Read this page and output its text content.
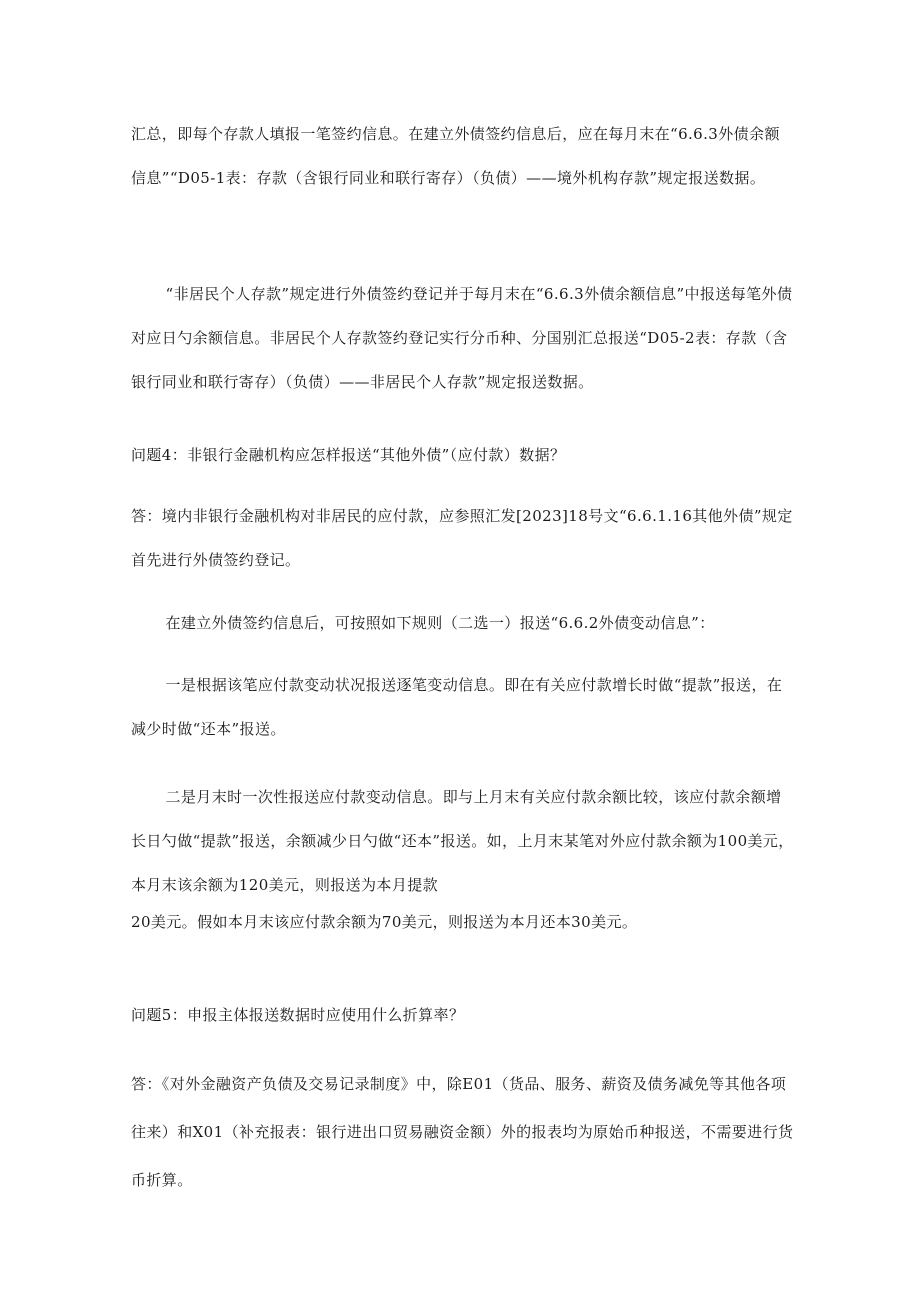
汇总，即每个存款人填报一笔签约信息。在建立外债签约信息后，应在每月末在“6.6.3外债余额信息”“D05-1表：存款（含银行同业和联行寄存）（负债）——境外机构存款”规定报送数据。

“非居民个人存款”规定进行外债签约登记并于每月末在“6.6.3外债余额信息”中报送每笔外债对应日勺余额信息。非居民个人存款签约登记实行分币种、分国别汇总报送“D05-2表：存款（含银行同业和联行寄存）（负债）——非居民个人存款”规定报送数据。

问题4：非银行金融机构应怎样报送“其他外债”（应付款）数据？

答：境内非银行金融机构对非居民的应付款，应参照汇发[2023]18号文“6.6.1.16其他外债”规定首先进行外债签约登记。

在建立外债签约信息后，可按照如下规则（二选一）报送“6.6.2外债变动信息”：

一是根据该笔应付款变动状况报送逐笔变动信息。即在有关应付款增长时做“提款”报送，在减少时做“还本”报送。

二是月末时一次性报送应付款变动信息。即与上月末有关应付款余额比较，该应付款余额增长日勺做“提款”报送，余额减少日勺做“还本”报送。如，上月末某笔对外应付款余额为100美元，本月末该余额为120美元，则报送为本月提款

20美元。假如本月末该应付款余额为70美元，则报送为本月还本30美元。

问题5：申报主体报送数据时应使用什么折算率？

答：《对外金融资产负债及交易记录制度》中，除E01（货品、服务、薪资及债务减免等其他各项往来）和X01（补充报表：银行进出口贸易融资金额）外的报表均为原始币种报送，不需要进行货币折算。
